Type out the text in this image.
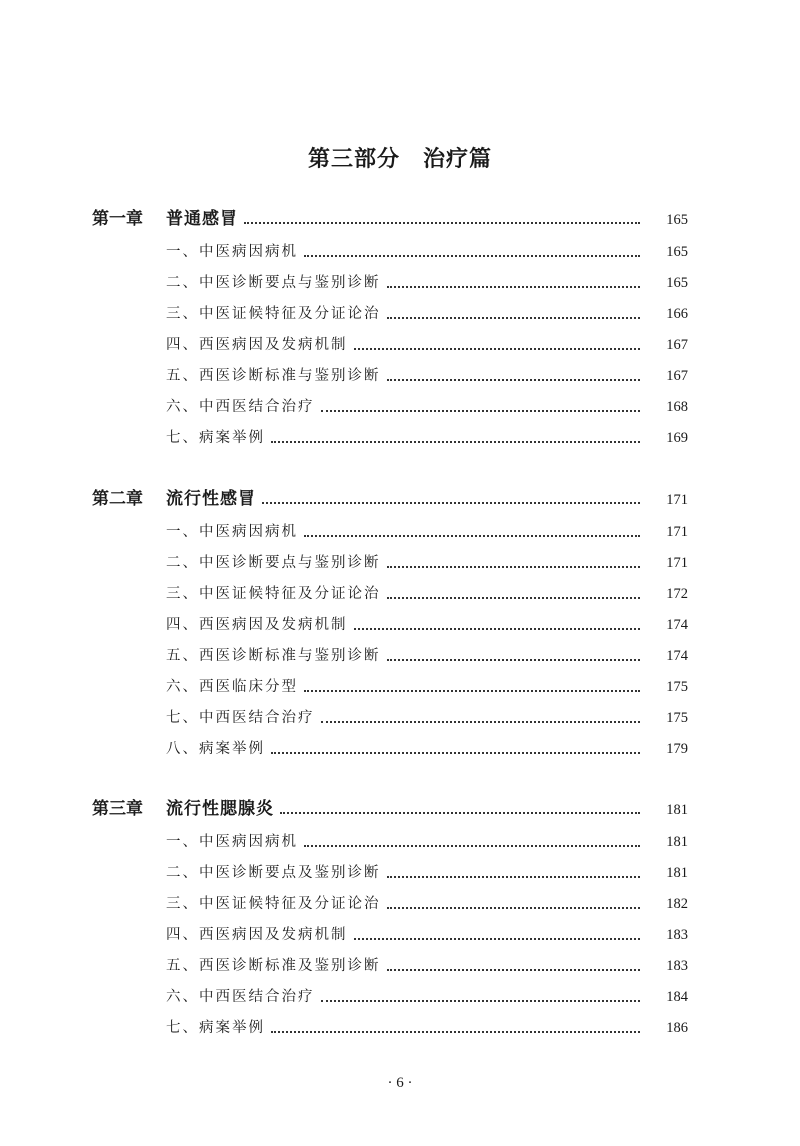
第三部分　治疗篇
第一章	普通感冒	165
一、中医病因病机	165
二、中医诊断要点与鉴别诊断	165
三、中医证候特征及分证论治	166
四、西医病因及发病机制	167
五、西医诊断标准与鉴别诊断	167
六、中西医结合治疗	168
七、病案举例	169
第二章	流行性感冒	171
一、中医病因病机	171
二、中医诊断要点与鉴别诊断	171
三、中医证候特征及分证论治	172
四、西医病因及发病机制	174
五、西医诊断标准与鉴别诊断	174
六、西医临床分型	175
七、中西医结合治疗	175
八、病案举例	179
第三章	流行性腮腺炎	181
一、中医病因病机	181
二、中医诊断要点及鉴别诊断	181
三、中医证候特征及分证论治	182
四、西医病因及发病机制	183
五、西医诊断标准及鉴别诊断	183
六、中西医结合治疗	184
七、病案举例	186
· 6 ·
